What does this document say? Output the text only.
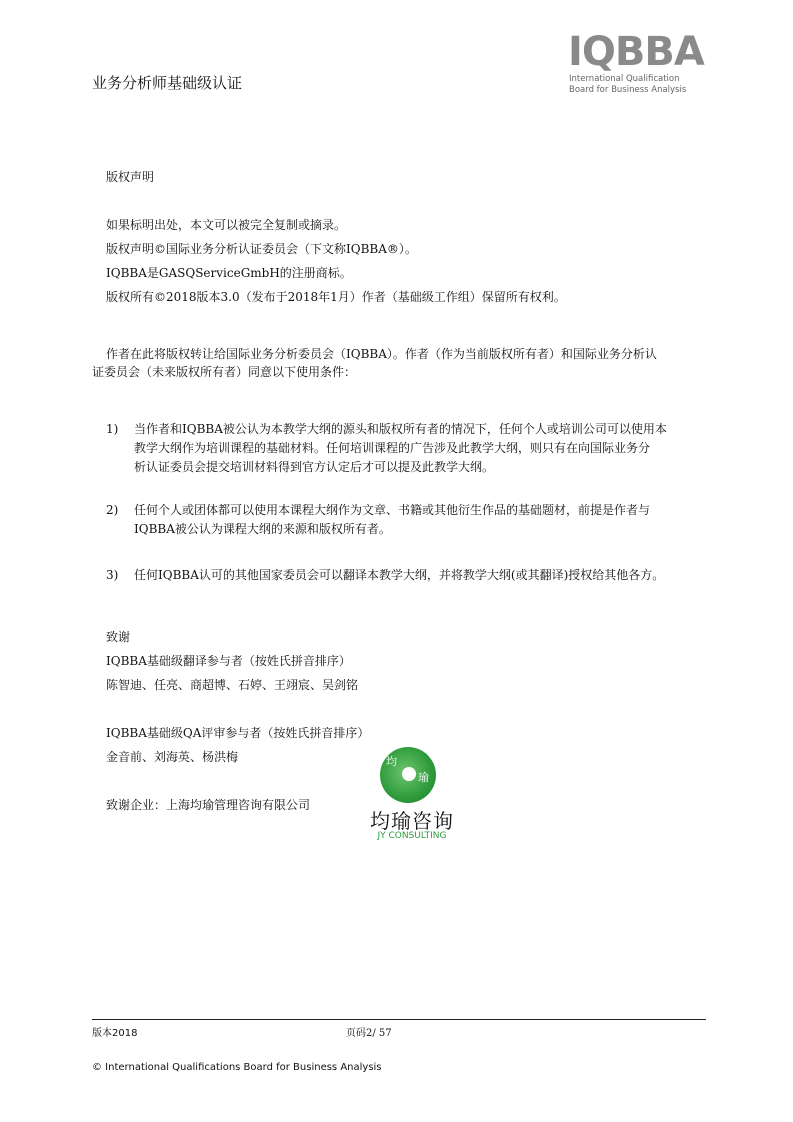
业务分析师基础级认证
IQBBA
International Qualification
Board for Business Analysis
版权声明
如果标明出处，本文可以被完全复制或摘录。
版权声明©国际业务分析认证委员会（下文称IQBBA®）。
IQBBA是GASQServiceGmbH的注册商标。
版权所有©2018版本3.0（发布于2018年1月）作者（基础级工作组）保留所有权利。
作者在此将版权转让给国际业务分析委员会（IQBBA）。作者（作为当前版权所有者）和国际业务分析认
证委员会（未来版权所有者）同意以下使用条件：
1) 当作者和IQBBA被公认为本教学大纲的源头和版权所有者的情况下，任何个人或培训公司可以使用本
教学大纲作为培训课程的基础材料。任何培训课程的广告涉及此教学大纲，则只有在向国际业务分
析认证委员会提交培训材料得到官方认定后才可以提及此教学大纲。
2) 任何个人或团体都可以使用本课程大纲作为文章、书籍或其他衍生作品的基础题材，前提是作者与
IQBBA被公认为课程大纲的来源和版权所有者。
3) 任何IQBBA认可的其他国家委员会可以翻译本教学大纲，并将教学大纲(或其翻译)授权给其他各方。
致谢
IQBBA基础级翻译参与者（按姓氏拼音排序）
陈智迪、任亮、商超博、石婷、王翊宸、吴剑铭
IQBBA基础级QA评审参与者（按姓氏拼音排序）
金音前、刘海英、杨洪梅
致谢企业：上海均瑜管理咨询有限公司
均
瑜
均瑜咨询
JY CONSULTING
版本2018	页码2/ 57
© International Qualifications Board for Business Analysis
